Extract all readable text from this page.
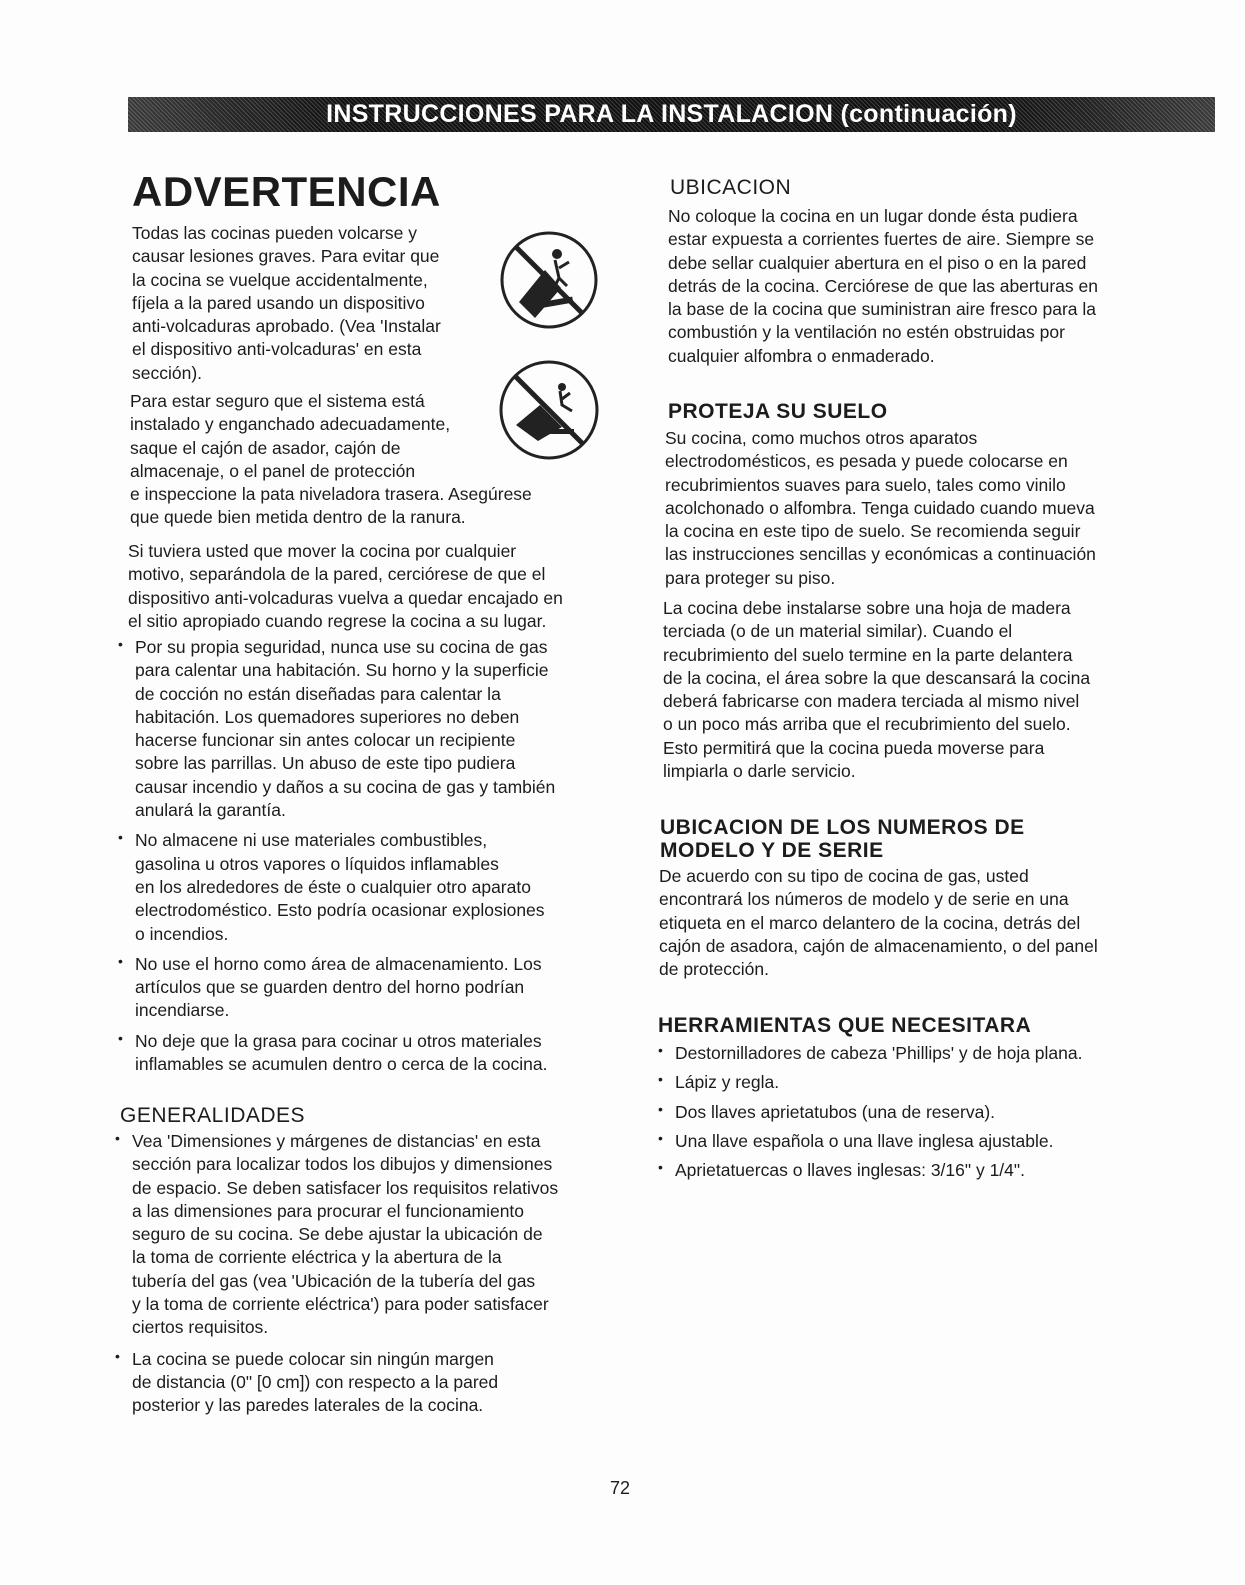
INSTRUCCIONES PARA LA INSTALACION (continuación)
ADVERTENCIA

Todas las cocinas pueden volcarse y

causar lesiones graves. Para evitar que

la cocina se vuelque accidentalmente,

fíjela a la pared usando un dispositivo

anti-volcaduras aprobado. (Vea 'Instalar

el dispositivo anti-volcaduras' en esta

sección).

Para estar seguro que el sistema está

instalado y enganchado adecuadamente,

saque el cajón de asador, cajón de

almacenaje, o el panel de protección

e inspeccione la pata niveladora trasera. Asegúrese

que quede bien metida dentro de la ranura.

Si tuviera usted que mover la cocina por cualquier

motivo, separándola de la pared, cerciórese de que el

dispositivo anti-volcaduras vuelva a quedar encajado en

el sitio apropiado cuando regrese la cocina a su lugar.

• Por su propia seguridad, nunca use su cocina de gas

para calentar una habitación. Su horno y la superficie

de cocción no están diseñadas para calentar la

habitación. Los quemadores superiores no deben

hacerse funcionar sin antes colocar un recipiente

sobre las parrillas. Un abuso de este tipo pudiera

causar incendio y daños a su cocina de gas y también

anulará la garantía.

• No almacene ni use materiales combustibles,

gasolina u otros vapores o líquidos inflamables

en los alrededores de éste o cualquier otro aparato

electrodoméstico. Esto podría ocasionar explosiones

o incendios.

• No use el horno como área de almacenamiento. Los

artículos que se guarden dentro del horno podrían

incendiarse.

• No deje que la grasa para cocinar u otros materiales

inflamables se acumulen dentro o cerca de la cocina.

GENERALIDADES

• Vea 'Dimensiones y márgenes de distancias' en esta

sección para localizar todos los dibujos y dimensiones

de espacio. Se deben satisfacer los requisitos relativos

a las dimensiones para procurar el funcionamiento

seguro de su cocina. Se debe ajustar la ubicación de

la toma de corriente eléctrica y la abertura de la

tubería del gas (vea 'Ubicación de la tubería del gas

y la toma de corriente eléctrica') para poder satisfacer

ciertos requisitos.

• La cocina se puede colocar sin ningún margen

de distancia (0" [0 cm]) con respecto a la pared

posterior y las paredes laterales de la cocina.

UBICACION

No coloque la cocina en un lugar donde ésta pudiera

estar expuesta a corrientes fuertes de aire. Siempre se

debe sellar cualquier abertura en el piso o en la pared

detrás de la cocina. Cerciórese de que las aberturas en

la base de la cocina que suministran aire fresco para la

combustión y la ventilación no estén obstruidas por

cualquier alfombra o enmaderado.

PROTEJA SU SUELO

Su cocina, como muchos otros aparatos

electrodomésticos, es pesada y puede colocarse en

recubrimientos suaves para suelo, tales como vinilo

acolchonado o alfombra. Tenga cuidado cuando mueva

la cocina en este tipo de suelo. Se recomienda seguir

las instrucciones sencillas y económicas a continuación

para proteger su piso.

La cocina debe instalarse sobre una hoja de madera

terciada (o de un material similar). Cuando el

recubrimiento del suelo termine en la parte delantera

de la cocina, el área sobre la que descansará la cocina

deberá fabricarse con madera terciada al mismo nivel

o un poco más arriba que el recubrimiento del suelo.

Esto permitirá que la cocina pueda moverse para

limpiarla o darle servicio.

UBICACION DE LOS NUMEROS DE
MODELO Y DE SERIE

De acuerdo con su tipo de cocina de gas, usted

encontrará los números de modelo y de serie en una

etiqueta en el marco delantero de la cocina, detrás del

cajón de asadora, cajón de almacenamiento, o del panel

de protección.

HERRAMIENTAS QUE NECESITARA

• Destornilladores de cabeza 'Phillips' y de hoja plana.

• Lápiz y regla.

• Dos llaves aprietatubos (una de reserva).

• Una llave española o una llave inglesa ajustable.

• Aprietatuercas o llaves inglesas: 3/16" y 1/4".

72
